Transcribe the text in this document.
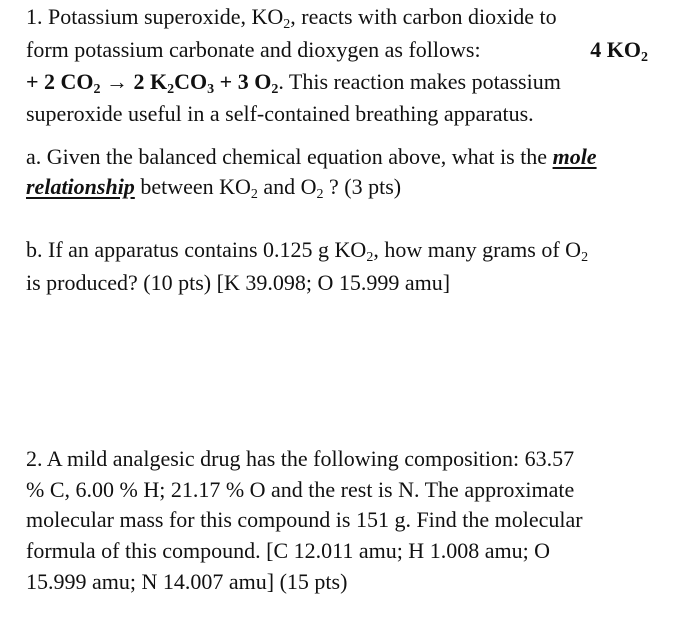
1. Potassium superoxide, $KO_2$, reacts with carbon dioxide to
form potassium carbonate and dioxygen as follows:	4 $KO_2$
+ 2 $CO_2 \to 2$ $K_2CO_3 + 3$ $O_2$. This reaction makes potassium
superoxide useful in a self-contained breathing apparatus.
a. Given the balanced chemical equation above, what is the mole
relationship between $KO_2$ and $O_2$ ? (3 pts)
b. If an apparatus contains 0.125 g $KO_2$, how many grams of $O_2$
is produced? (10 pts) [K 39.098; O 15.999 amu]
2. A mild analgesic drug has the following composition: 63.57
% C, 6.00 % H; 21.17 % O and the rest is N. The approximate
molecular mass for this compound is 151 g. Find the molecular
formula of this compound. [C 12.011 amu; H 1.008 amu; O
15.999 amu; N 14.007 amu] (15 pts)
